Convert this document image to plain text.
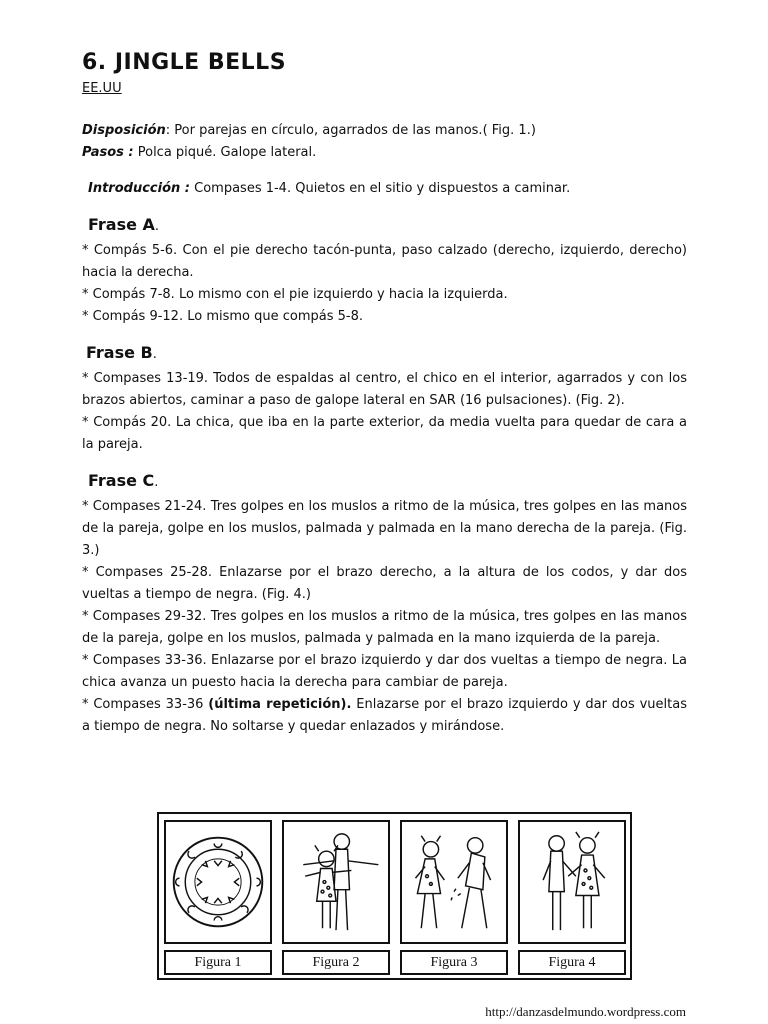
6. JINGLE BELLS
EE.UU

Disposición: Por parejas en círculo, agarrados de las manos.( Fig. 1.)

Pasos : Polca piqué. Galope lateral.

Introducción : Compases 1-4. Quietos en el sitio y dispuestos a caminar.

Frase A.

* Compás 5-6. Con el pie derecho tacón-punta, paso calzado (derecho, izquierdo, derecho) hacia la derecha.

* Compás 7-8. Lo mismo con el pie izquierdo y hacia la izquierda.

* Compás 9-12. Lo mismo que compás 5-8.

Frase B.

* Compases 13-19. Todos de espaldas al centro, el chico en el interior, agarrados y con los brazos abiertos, caminar a paso de galope lateral en SAR (16 pulsaciones). (Fig. 2).

* Compás 20. La chica, que iba en la parte exterior, da media vuelta para quedar de cara a la pareja.

Frase C.

* Compases 21-24. Tres golpes en los muslos a ritmo de la música, tres golpes en las manos de la pareja, golpe en los muslos, palmada y palmada en la mano derecha de la pareja. (Fig. 3.)

* Compases 25-28. Enlazarse por el brazo derecho, a la altura de los codos, y dar dos vueltas a tiempo de negra. (Fig. 4.)

* Compases 29-32. Tres golpes en los muslos a ritmo de la música, tres golpes en las manos de la pareja, golpe en los muslos, palmada y palmada en la mano izquierda de la pareja.

* Compases 33-36. Enlazarse por el brazo izquierdo y dar dos vueltas a tiempo de negra. La chica avanza un puesto hacia la derecha para cambiar de pareja.

* Compases 33-36 (última repetición). Enlazarse por el brazo izquierdo y dar dos vueltas a tiempo de negra. No soltarse y quedar enlazados y mirándose.

Figura 1	Figura 2	Figura 3	Figura 4
http://danzasdelmundo.wordpress.com
